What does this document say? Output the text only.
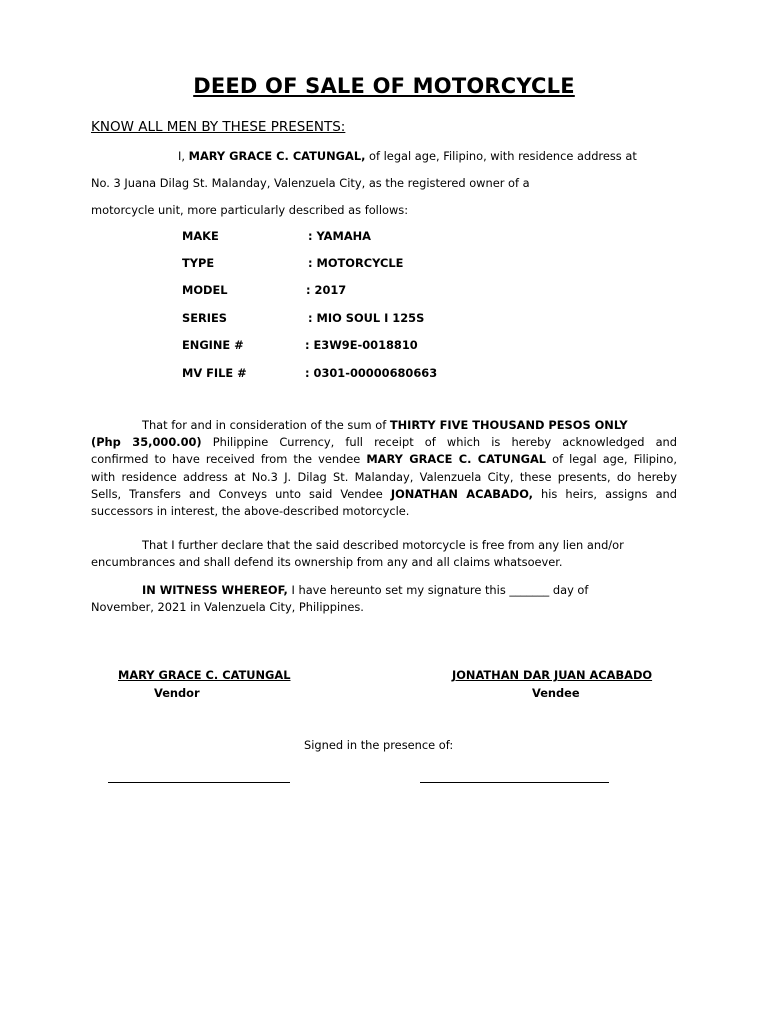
DEED OF SALE OF MOTORCYCLE
KNOW ALL MEN BY THESE PRESENTS:
I, MARY GRACE C. CATUNGAL, of legal age, Filipino, with residence address at
No. 3 Juana Dilag St. Malanday, Valenzuela City, as the registered owner of a
motorcycle unit, more particularly described as follows:
MAKE	: YAMAHA
TYPE	: MOTORCYCLE
MODEL	: 2017
SERIES	: MIO SOUL I 125S
ENGINE #	: E3W9E-0018810
MV FILE #	: 0301-00000680663
That for and in consideration of the sum of THIRTY FIVE THOUSAND PESOS ONLY
(Php 35,000.00) Philippine Currency, full receipt of which is hereby acknowledged and
confirmed to have received from the vendee MARY GRACE C. CATUNGAL of legal age, Filipino,
with residence address at No.3 J. Dilag St. Malanday, Valenzuela City, these presents, do hereby
Sells, Transfers and Conveys unto said Vendee JONATHAN ACABADO, his heirs, assigns and
successors in interest, the above-described motorcycle.
That I further declare that the said described motorcycle is free from any lien and/or
encumbrances and shall defend its ownership from any and all claims whatsoever.
IN WITNESS WHEREOF, I have hereunto set my signature this _______ day of
November, 2021 in Valenzuela City, Philippines.
MARY GRACE C. CATUNGAL
Vendor
JONATHAN DAR JUAN ACABADO
Vendee
Signed in the presence of:
